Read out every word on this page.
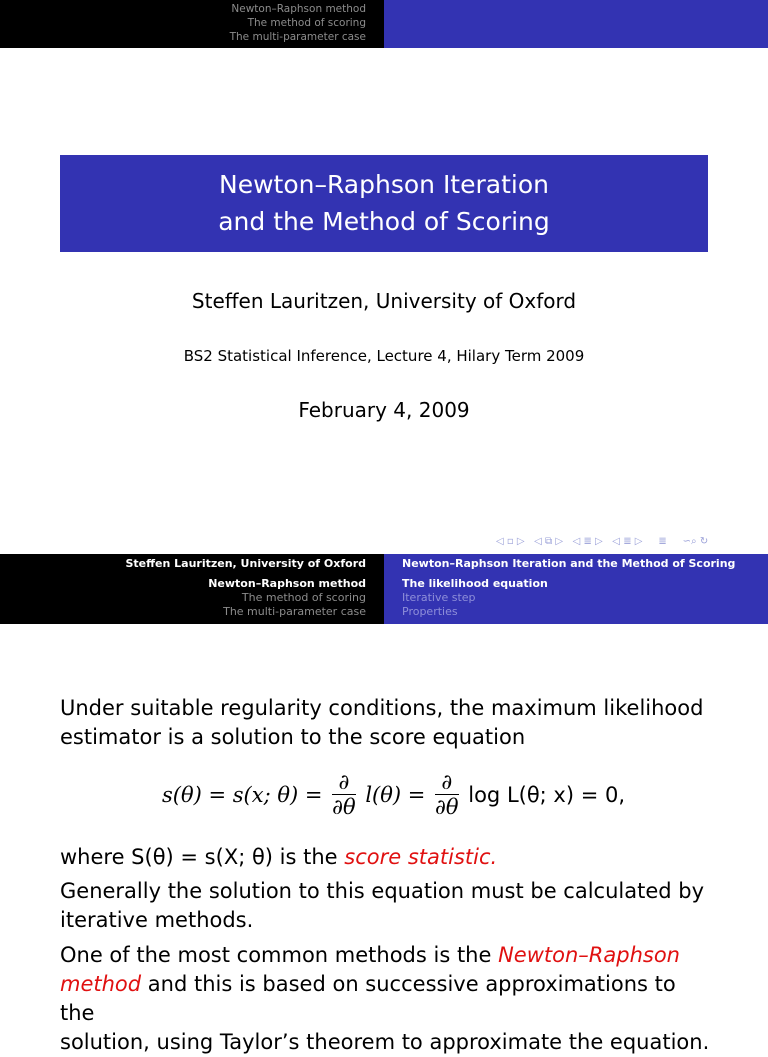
Newton–Raphson method
The method of scoring
The multi-parameter case
Newton–Raphson Iteration
and the Method of Scoring
Steffen Lauritzen, University of Oxford
BS2 Statistical Inference, Lecture 4, Hilary Term 2009
February 4, 2009
◁ ▫ ▷ ◁ ⧉ ▷ ◁ ≣ ▷ ◁ ≣ ▷ ≣ ∽⌕ ↻
Steffen Lauritzen, University of Oxford
Newton–Raphson method
The method of scoring
The multi-parameter case
Newton–Raphson Iteration and the Method of Scoring
The likelihood equation
Iterative step
Properties
Under suitable regularity conditions, the maximum likelihood
estimator is a solution to the score equation
s(θ) = s(x; $\theta) = \frac{\partial}{\partial\theta} l(\theta) = \frac{\partial}{\partial\theta}$ log L(θ; x) = 0,
where S(θ) = s(X; θ) is the score statistic.
Generally the solution to this equation must be calculated by
iterative methods.
One of the most common methods is the Newton–Raphson
method and this is based on successive approximations to the
solution, using Taylor’s theorem to approximate the equation.
